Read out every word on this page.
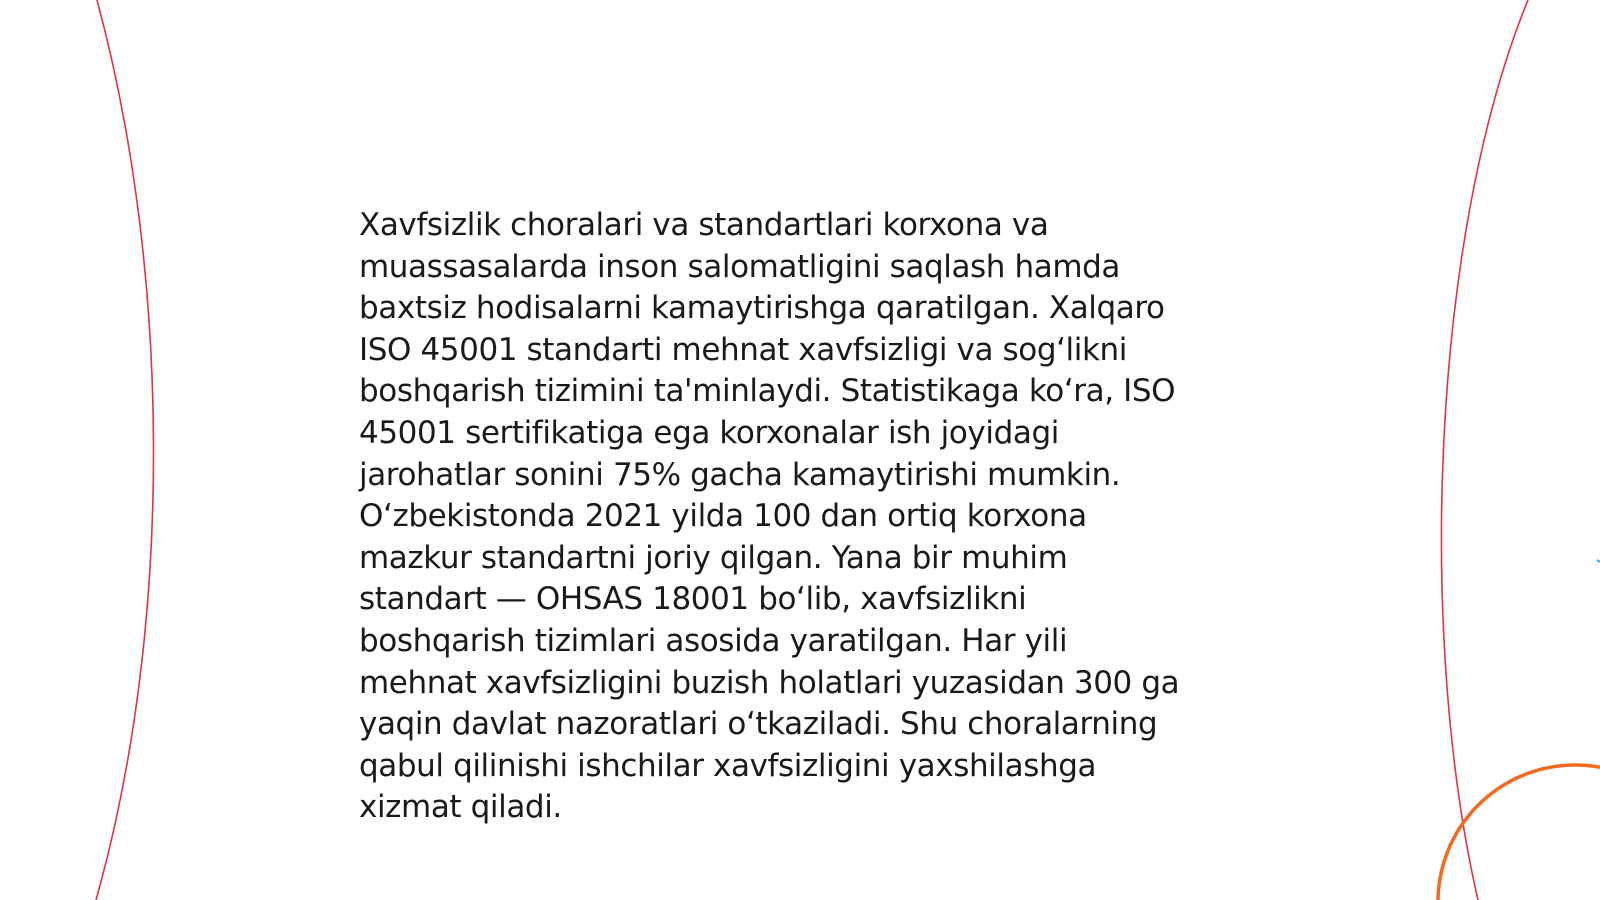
Xavfsizlik choralari va standartlari korxona va
muassasalarda inson salomatligini saqlash hamda
baxtsiz hodisalarni kamaytirishga qaratilgan. Xalqaro
ISO 45001 standarti mehnat xavfsizligi va sog‘likni
boshqarish tizimini ta'minlaydi. Statistikaga ko‘ra, ISO
45001 sertifikatiga ega korxonalar ish joyidagi
jarohatlar sonini 75% gacha kamaytirishi mumkin.
O‘zbekistonda 2021 yilda 100 dan ortiq korxona
mazkur standartni joriy qilgan. Yana bir muhim
standart — OHSAS 18001 bo‘lib, xavfsizlikni
boshqarish tizimlari asosida yaratilgan. Har yili
mehnat xavfsizligini buzish holatlari yuzasidan 300 ga
yaqin davlat nazoratlari o‘tkaziladi. Shu choralarning
qabul qilinishi ishchilar xavfsizligini yaxshilashga
xizmat qiladi.
